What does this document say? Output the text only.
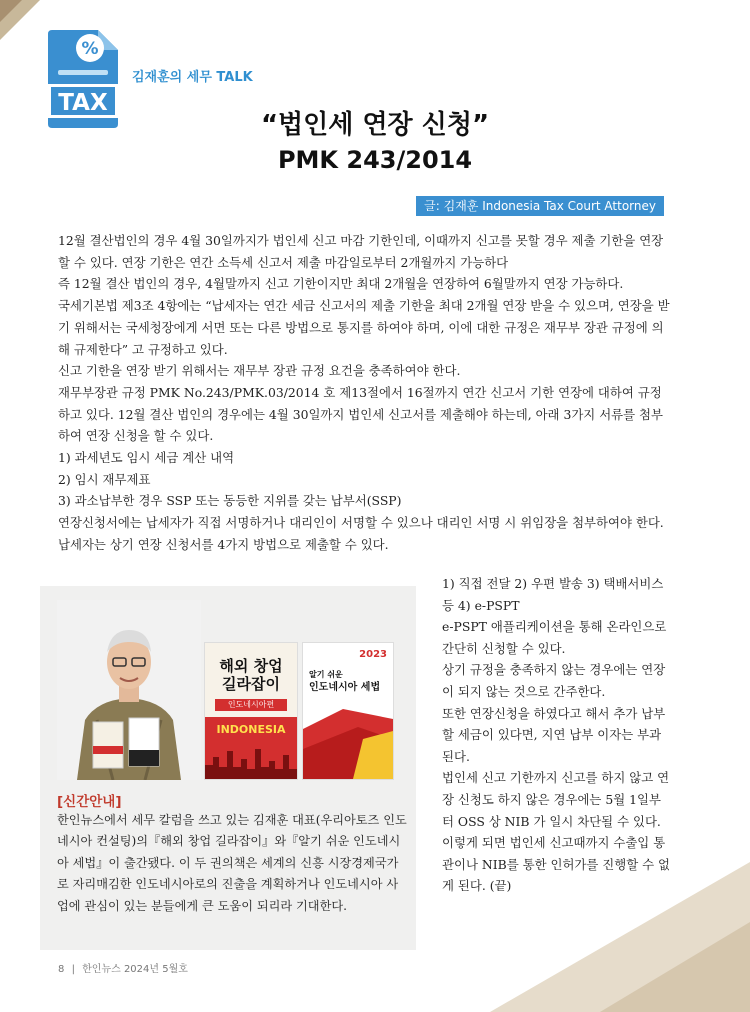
%
TAX
김재훈의 세무 TALK
“법인세 연장 신청”
PMK 243/2014
글: 김재훈 Indonesia Tax Court Attorney

12월 결산법인의 경우 4월 30일까지가 법인세 신고 마감 기한인데, 이때까지 신고를 못할 경우 제출 기한을 연장할 수 있다. 연장 기한은 연간 소득세 신고서 제출 마감일로부터 2개월까지 가능하다

즉 12월 결산 법인의 경우, 4월말까지 신고 기한이지만 최대 2개월을 연장하여 6월말까지 연장 가능하다.

국세기본법 제3조 4항에는 “납세자는 연간 세금 신고서의 제출 기한을 최대 2개월 연장 받을 수 있으며, 연장을 받기 위해서는 국세청장에게 서면 또는 다른 방법으로 통지를 하여야 하며, 이에 대한 규정은 재무부 장관 규정에 의해 규제한다” 고 규정하고 있다.

신고 기한을 연장 받기 위해서는 재무부 장관 규정 요건을 충족하여야 한다.

재무부장관 규정 PMK No.243/PMK.03/2014 호 제13절에서 16절까지 연간 신고서 기한 연장에 대하여 규정하고 있다. 12월 결산 법인의 경우에는 4월 30일까지 법인세 신고서를 제출해야 하는데, 아래 3가지 서류를 첨부하여 연장 신청을 할 수 있다.

1) 과세년도 임시 세금 계산 내역

2) 임시 재무제표

3) 과소납부한 경우 SSP 또는 동등한 지위를 갖는 납부서(SSP)

연장신청서에는 납세자가 직접 서명하거나 대리인이 서명할 수 있으나 대리인 서명 시 위임장을 첨부하여야 한다.

납세자는 상기 연장 신청서를 4가지 방법으로 제출할 수 있다.

해외 창업
길라잡이
인도네시아편
INDONESIA
2023
알기 쉬운
인도네시아 세법
[신간안내]
한인뉴스에서 세무 칼럼을 쓰고 있는 김재훈 대표(우리아토즈 인도네시아 컨설팅)의『해외 창업 길라잡이』와『알기 쉬운 인도네시아 세법』이 출간됐다. 이 두 권의책은 세계의 신흥 시장경제국가로 자리매김한 인도네시아로의 진출을 계획하거나 인도네시아 사업에 관심이 있는 분들에게 큰 도움이 되리라 기대한다.

1) 직접 전달 2) 우편 발송 3) 택배서비스 등 4) e-PSPT

e-PSPT 애플리케이션을 통해 온라인으로 간단히 신청할 수 있다.

상기 규정을 충족하지 않는 경우에는 연장이 되지 않는 것으로 간주한다.

또한 연장신청을 하였다고 해서 추가 납부할 세금이 있다면, 지연 납부 이자는 부과된다.

법인세 신고 기한까지 신고를 하지 않고 연장 신청도 하지 않은 경우에는 5월 1일부터 OSS 상 NIB 가 일시 차단될 수 있다. 이렇게 되면 법인세 신고때까지 수출입 통관이나 NIB를 통한 인허가를 진행할 수 없게 된다. (끝)

8 | 한인뉴스 2024년 5월호
